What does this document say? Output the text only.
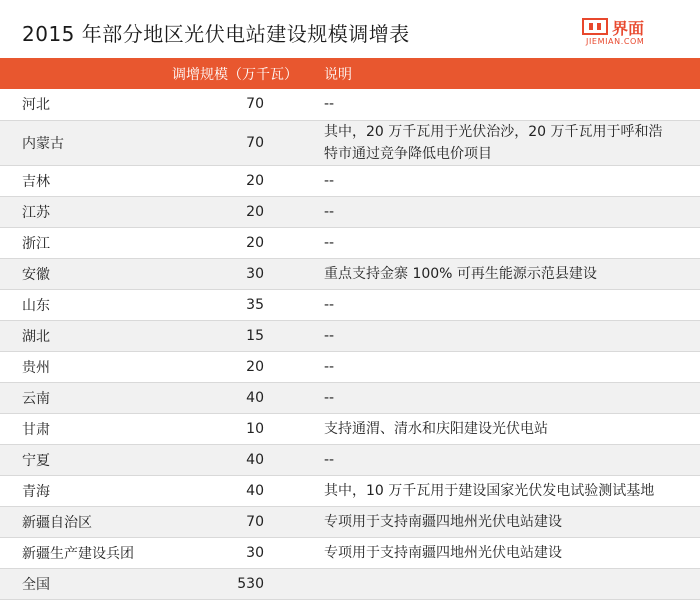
2015 年部分地区光伏电站建设规模调增表	界面
JIEMIAN.COM
	调增规模（万千瓦）	说明
河北	70	--
内蒙古	70	其中，20 万千瓦用于光伏治沙，20 万千瓦用于呼和浩特市通过竞争降低电价项目
吉林	20	--
江苏	20	--
浙江	20	--
安徽	30	重点支持金寨 100% 可再生能源示范县建设
山东	35	--
湖北	15	--
贵州	20	--
云南	40	--
甘肃	10	支持通渭、清水和庆阳建设光伏电站
宁夏	40	--
青海	40	其中，10 万千瓦用于建设国家光伏发电试验测试基地
新疆自治区	70	专项用于支持南疆四地州光伏电站建设
新疆生产建设兵团	30	专项用于支持南疆四地州光伏电站建设
全国	530	
